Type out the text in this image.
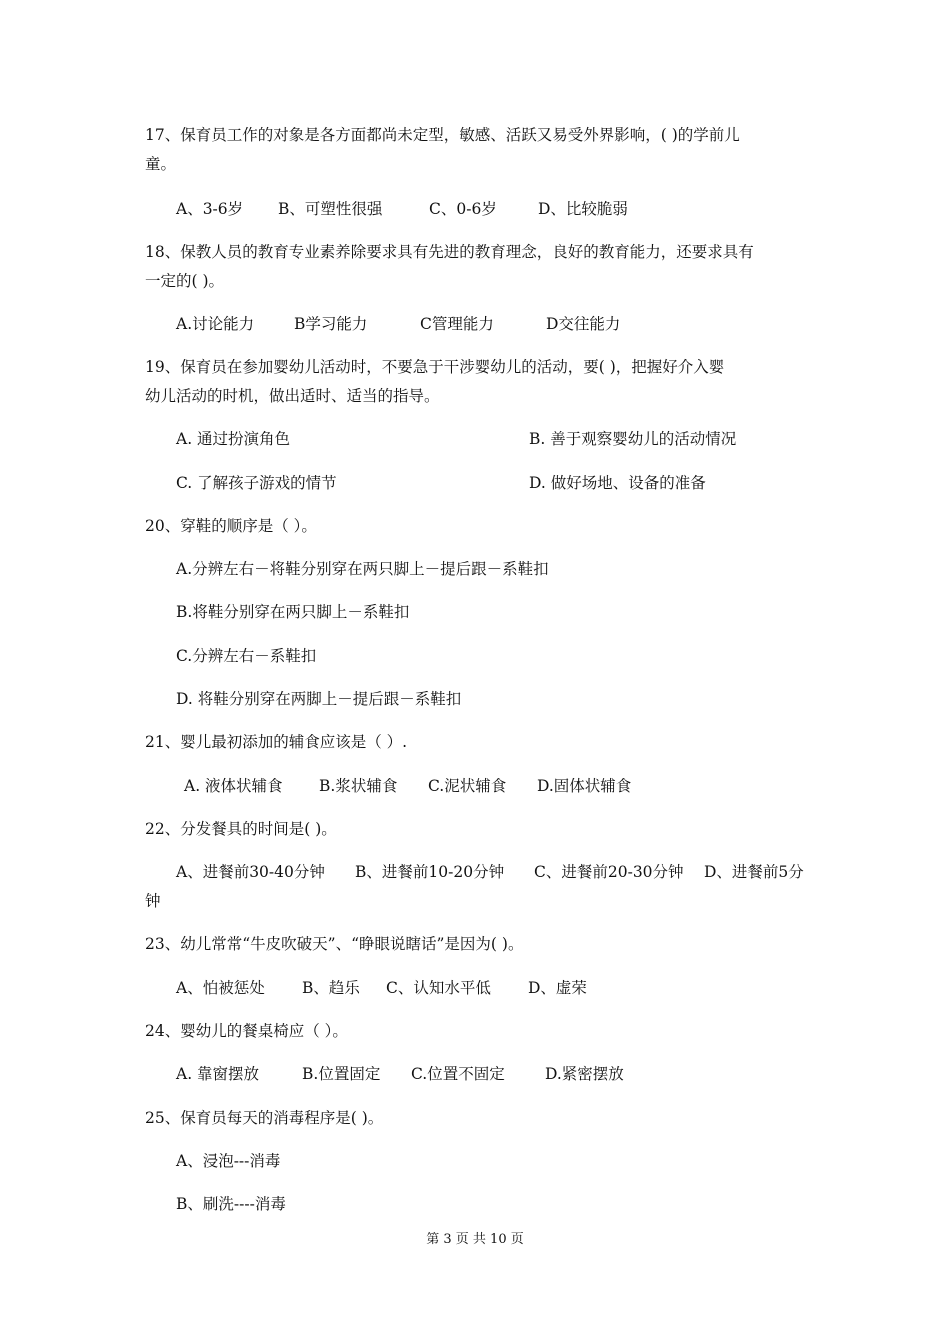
17、保育员工作的对象是各方面都尚未定型，敏感、活跃又易受外界影响，( )的学前儿
童。
A、3-6岁 B、可塑性很强	C、0-6岁	D、比较脆弱
18、保教人员的教育专业素养除要求具有先进的教育理念，良好的教育能力，还要求具有
一定的( )。
A.讨论能力	B学习能力	C管理能力	D交往能力
19、保育员在参加婴幼儿活动时，不要急于干涉婴幼儿的活动，要( )，把握好介入婴
幼儿活动的时机，做出适时、适当的指导。
A. 通过扮演角色	B. 善于观察婴幼儿的活动情况
C. 了解孩子游戏的情节	D. 做好场地、设备的准备
20、穿鞋的顺序是（ ）。
A.分辨左右－将鞋分别穿在两只脚上－提后跟－系鞋扣
B.将鞋分别穿在两只脚上－系鞋扣
C.分辨左右－系鞋扣
D. 将鞋分别穿在两脚上－提后跟－系鞋扣
21、婴儿最初添加的辅食应该是（ ）.
A. 液体状辅食 B.浆状辅食 C.泥状辅食 D.固体状辅食
22、分发餐具的时间是( )。
A、进餐前30-40分钟 B、进餐前10-20分钟 C、进餐前20-30分钟 D、进餐前5分
钟
23、幼儿常常“牛皮吹破天”、“睁眼说瞎话”是因为( )。
A、怕被惩处 B、趋乐 C、认知水平低 D、虚荣
24、婴幼儿的餐桌椅应（ ）。
A. 靠窗摆放	B.位置固定 C.位置不固定	D.紧密摆放
25、保育员每天的消毒程序是( )。
A、浸泡---消毒
B、刷洗----消毒
第 3 页 共 10 页
